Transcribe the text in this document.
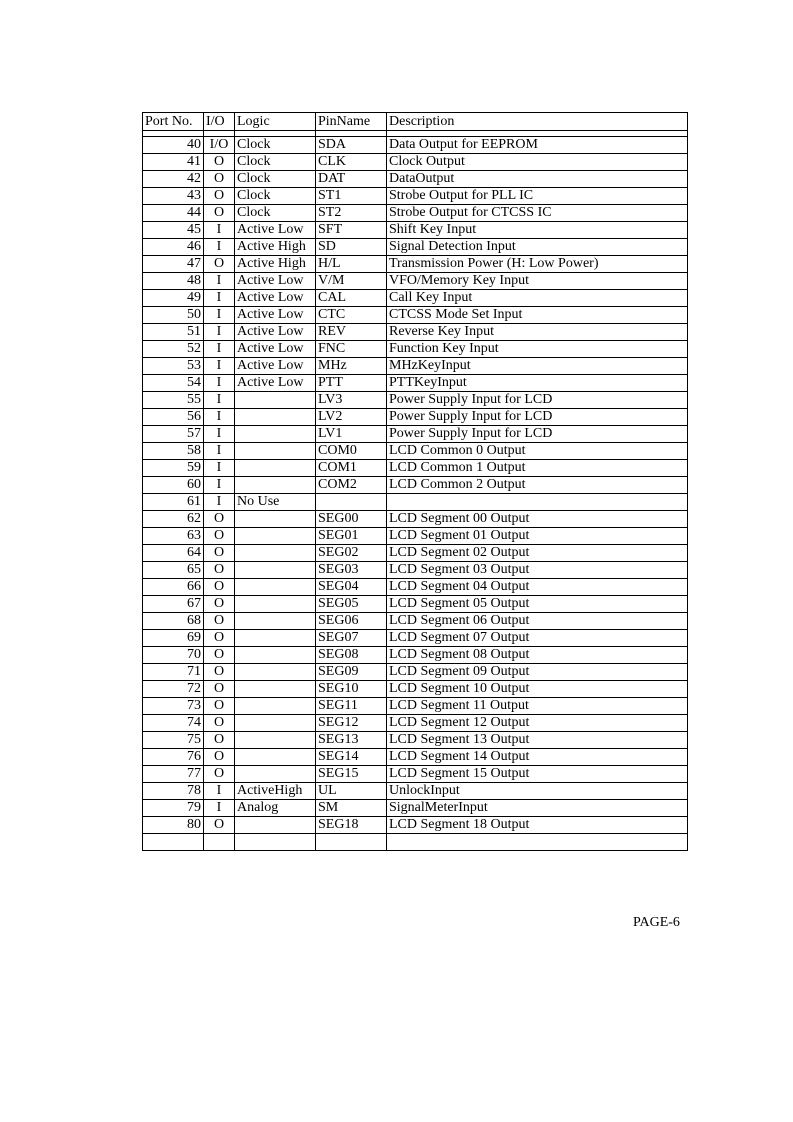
Port No.	I/O	Logic	PinName	Description

40	I/O	Clock	SDA	Data Output for EEPROM
41	O	Clock	CLK	Clock Output
42	O	Clock	DAT	DataOutput
43	O	Clock	ST1	Strobe Output for PLL IC
44	O	Clock	ST2	Strobe Output for CTCSS IC
45	I	Active Low	SFT	Shift Key Input
46	I	Active High	SD	Signal Detection Input
47	O	Active High	H/L	Transmission Power (H: Low Power)
48	I	Active Low	V/M	VFO/Memory Key Input
49	I	Active Low	CAL	Call Key Input
50	I	Active Low	CTC	CTCSS Mode Set Input
51	I	Active Low	REV	Reverse Key Input
52	I	Active Low	FNC	Function Key Input
53	I	Active Low	MHz	MHzKeyInput
54	I	Active Low	PTT	PTTKeyInput
55	I		LV3	Power Supply Input for LCD
56	I		LV2	Power Supply Input for LCD
57	I		LV1	Power Supply Input for LCD
58	I		COM0	LCD Common 0 Output
59	I		COM1	LCD Common 1 Output
60	I		COM2	LCD Common 2 Output
61	I	No Use		
62	O		SEG00	LCD Segment 00 Output
63	O		SEG01	LCD Segment 01 Output
64	O		SEG02	LCD Segment 02 Output
65	O		SEG03	LCD Segment 03 Output
66	O		SEG04	LCD Segment 04 Output
67	O		SEG05	LCD Segment 05 Output
68	O		SEG06	LCD Segment 06 Output
69	O		SEG07	LCD Segment 07 Output
70	O		SEG08	LCD Segment 08 Output
71	O		SEG09	LCD Segment 09 Output
72	O		SEG10	LCD Segment 10 Output
73	O		SEG11	LCD Segment 11 Output
74	O		SEG12	LCD Segment 12 Output
75	O		SEG13	LCD Segment 13 Output
76	O		SEG14	LCD Segment 14 Output
77	O		SEG15	LCD Segment 15 Output
78	I	ActiveHigh	UL	UnlockInput
79	I	Analog	SM	SignalMeterInput
80	O		SEG18	LCD Segment 18 Output

PAGE-6
